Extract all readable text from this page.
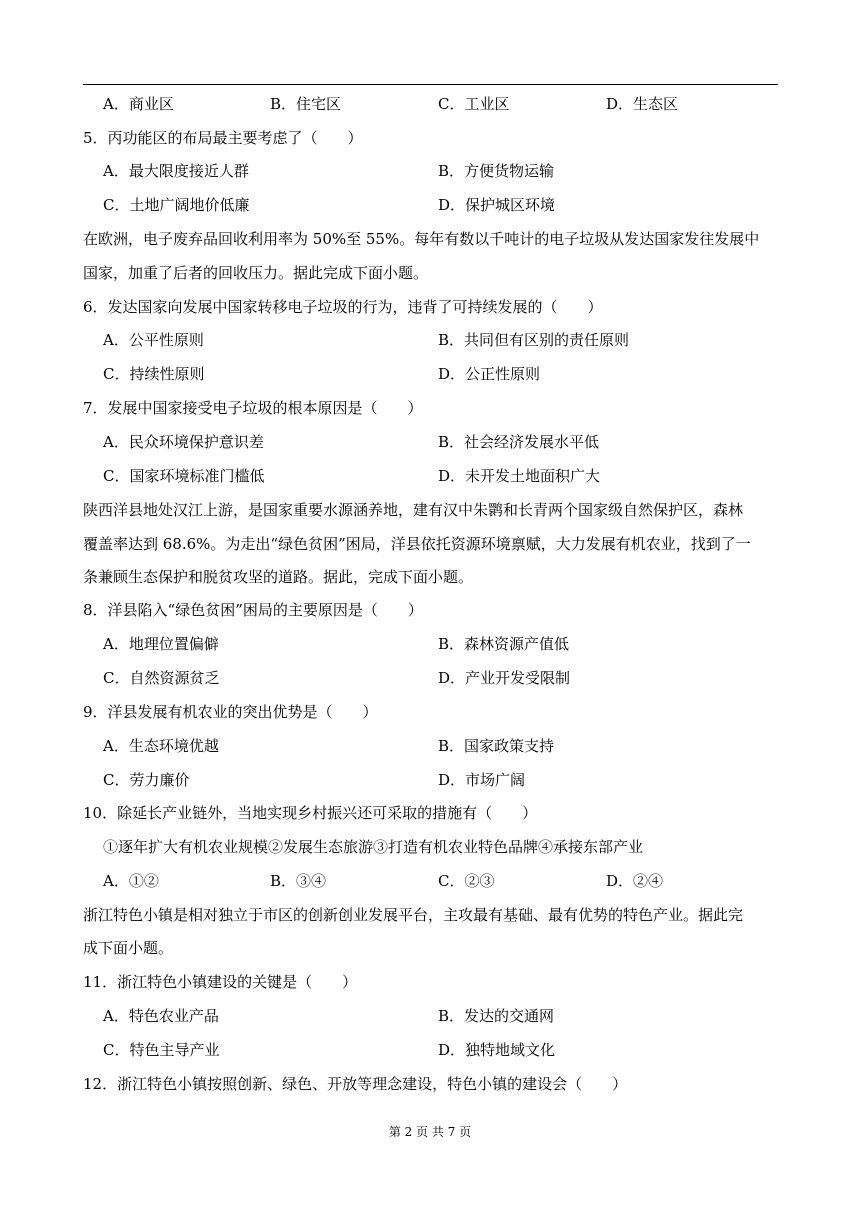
A．商业区	B．住宅区	C．工业区	D．生态区
5．丙功能区的布局最主要考虑了（　　）
A．最大限度接近人群	B．方便货物运输
C．土地广阔地价低廉	D．保护城区环境
在欧洲，电子废弃品回收利用率为 50%至 55%。每年有数以千吨计的电子垃圾从发达国家发往发展中
国家，加重了后者的回收压力。据此完成下面小题。
6．发达国家向发展中国家转移电子垃圾的行为，违背了可持续发展的（　　）
A．公平性原则	B．共同但有区别的责任原则
C．持续性原则	D．公正性原则
7．发展中国家接受电子垃圾的根本原因是（　　）
A．民众环境保护意识差	B．社会经济发展水平低
C．国家环境标准门槛低	D．未开发土地面积广大
陕西洋县地处汉江上游，是国家重要水源涵养地，建有汉中朱鹮和长青两个国家级自然保护区，森林
覆盖率达到 68.6%。为走出“绿色贫困”困局，洋县依托资源环境禀赋，大力发展有机农业，找到了一
条兼顾生态保护和脱贫攻坚的道路。据此，完成下面小题。
8．洋县陷入“绿色贫困”困局的主要原因是（　　）
A．地理位置偏僻	B．森林资源产值低
C．自然资源贫乏	D．产业开发受限制
9．洋县发展有机农业的突出优势是（　　）
A．生态环境优越	B．国家政策支持
C．劳力廉价	D．市场广阔
10．除延长产业链外，当地实现乡村振兴还可采取的措施有（　　）
①逐年扩大有机农业规模②发展生态旅游③打造有机农业特色品牌④承接东部产业
A．①②	B．③④	C．②③	D．②④
浙江特色小镇是相对独立于市区的创新创业发展平台，主攻最有基础、最有优势的特色产业。据此完
成下面小题。
11．浙江特色小镇建设的关键是（　　）
A．特色农业产品	B．发达的交通网
C．特色主导产业	D．独特地域文化
12．浙江特色小镇按照创新、绿色、开放等理念建设，特色小镇的建设会（　　）
第 2 页 共 7 页
